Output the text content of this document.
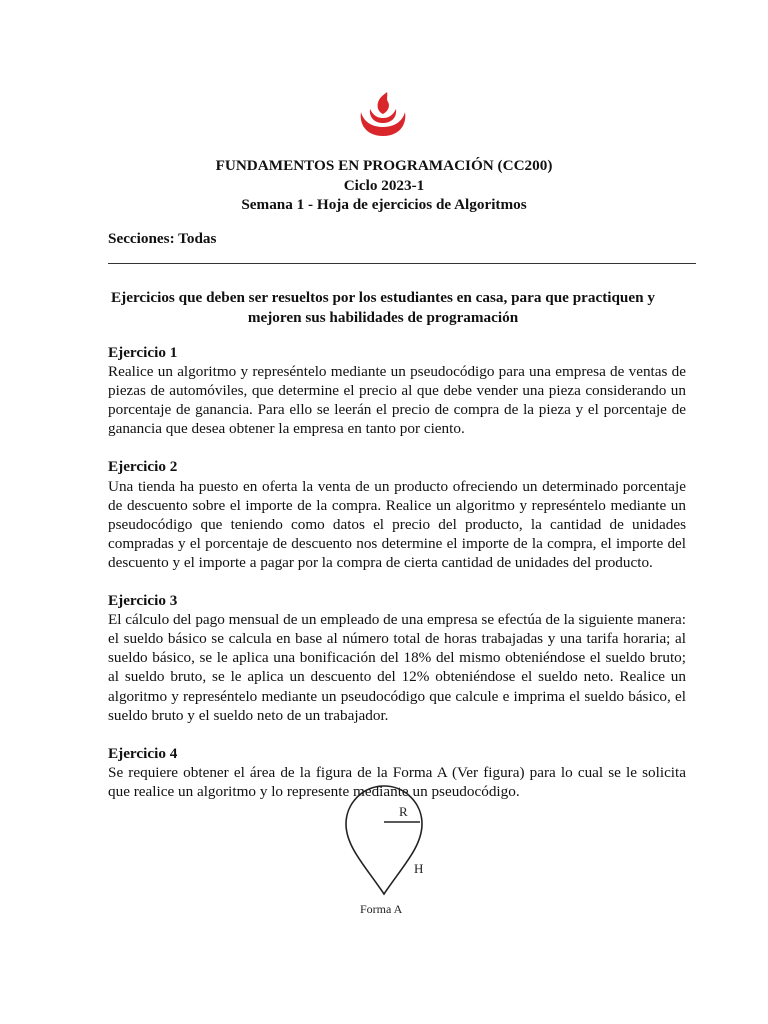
FUNDAMENTOS EN PROGRAMACIÓN (CC200)
Ciclo 2023-1
Semana 1 - Hoja de ejercicios de Algoritmos
Secciones: Todas
Ejercicios que deben ser resueltos por los estudiantes en casa, para que practiquen y mejoren sus habilidades de programación
Ejercicio 1
Realice un algoritmo y represéntelo mediante un pseudocódigo para una empresa de ventas de piezas de automóviles, que determine el precio al que debe vender una pieza considerando un porcentaje de ganancia. Para ello se leerán el precio de compra de la pieza y el porcentaje de ganancia que desea obtener la empresa en tanto por ciento.
Ejercicio 2
Una tienda ha puesto en oferta la venta de un producto ofreciendo un determinado porcentaje de descuento sobre el importe de la compra. Realice un algoritmo y represéntelo mediante un pseudocódigo que teniendo como datos el precio del producto, la cantidad de unidades compradas y el porcentaje de descuento nos determine el importe de la compra, el importe del descuento y el importe a pagar por la compra de cierta cantidad de unidades del producto.
Ejercicio 3
El cálculo del pago mensual de un empleado de una empresa se efectúa de la siguiente manera: el sueldo básico se calcula en base al número total de horas trabajadas y una tarifa horaria; al sueldo básico, se le aplica una bonificación del 18% del mismo obteniéndose el sueldo bruto; al sueldo bruto, se le aplica un descuento del 12% obteniéndose el sueldo neto. Realice un algoritmo y represéntelo mediante un pseudocódigo que calcule e imprima el sueldo básico, el sueldo bruto y el sueldo neto de un trabajador.
Ejercicio 4
Se requiere obtener el área de la figura de la Forma A (Ver figura) para lo cual se le solicita que realice un algoritmo y lo represente mediante un pseudocódigo.
R
H
Forma A
